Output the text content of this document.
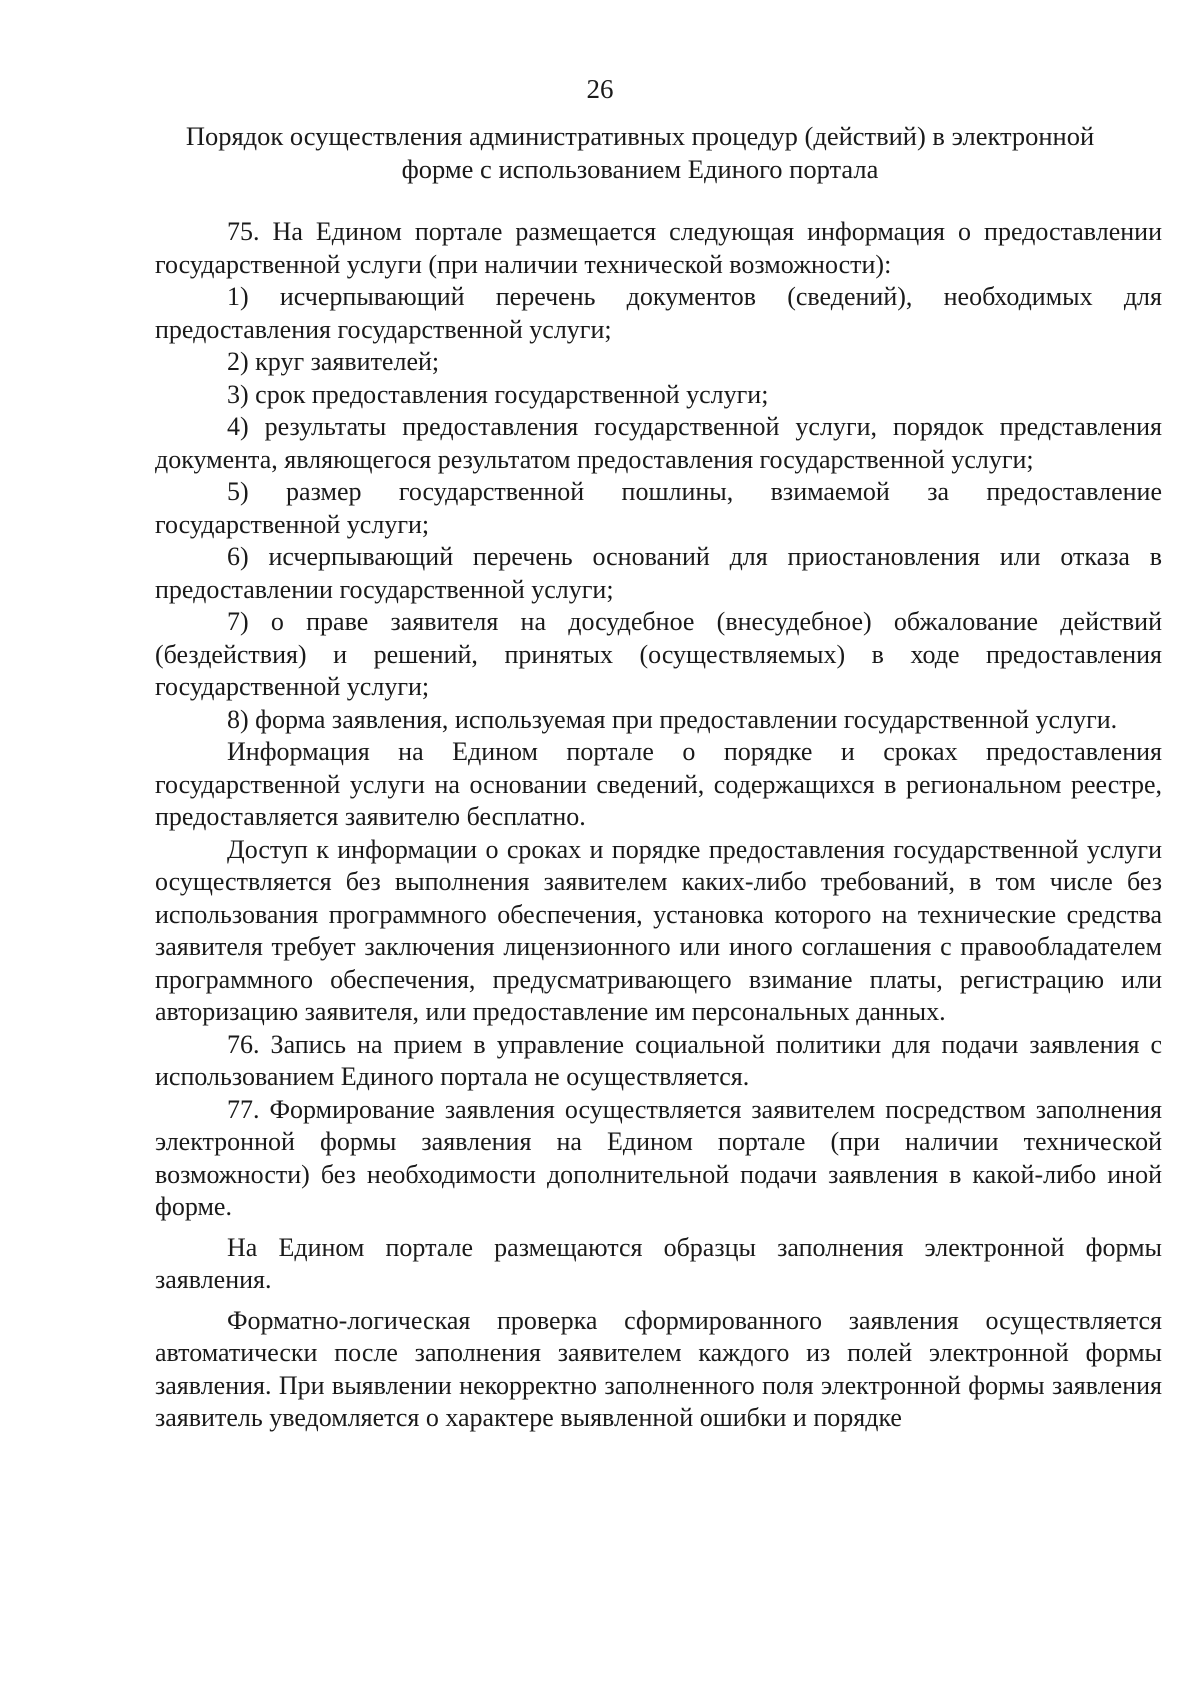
26
Порядок осуществления административных процедур (действий) в электронной форме с использованием Единого портала

75. На Едином портале размещается следующая информация о предоставлении государственной услуги (при наличии технической возможности):

1) исчерпывающий перечень документов (сведений), необходимых для предоставления государственной услуги;

2) круг заявителей;

3) срок предоставления государственной услуги;

4) результаты предоставления государственной услуги, порядок представления документа, являющегося результатом предоставления государственной услуги;

5) размер государственной пошлины, взимаемой за предоставление государственной услуги;

6) исчерпывающий перечень оснований для приостановления или отказа в предоставлении государственной услуги;

7) о праве заявителя на досудебное (внесудебное) обжалование действий (бездействия) и решений, принятых (осуществляемых) в ходе предоставления государственной услуги;

8) форма заявления, используемая при предоставлении государственной услуги.

Информация на Едином портале о порядке и сроках предоставления государственной услуги на основании сведений, содержащихся в региональном реестре, предоставляется заявителю бесплатно.

Доступ к информации о сроках и порядке предоставления государственной услуги осуществляется без выполнения заявителем каких-либо требований, в том числе без использования программного обеспечения, установка которого на технические средства заявителя требует заключения лицензионного или иного соглашения с правообладателем программного обеспечения, предусматривающего взимание платы, регистрацию или авторизацию заявителя, или предоставление им персональных данных.

76. Запись на прием в управление социальной политики для подачи заявления с использованием Единого портала не осуществляется.

77. Формирование заявления осуществляется заявителем посредством заполнения электронной формы заявления на Едином портале (при наличии технической возможности) без необходимости дополнительной подачи заявления в какой-либо иной форме.

На Едином портале размещаются образцы заполнения электронной формы заявления.

Форматно-логическая проверка сформированного заявления осуществляется автоматически после заполнения заявителем каждого из полей электронной формы заявления. При выявлении некорректно заполненного поля электронной формы заявления заявитель уведомляется о характере выявленной ошибки и порядке
